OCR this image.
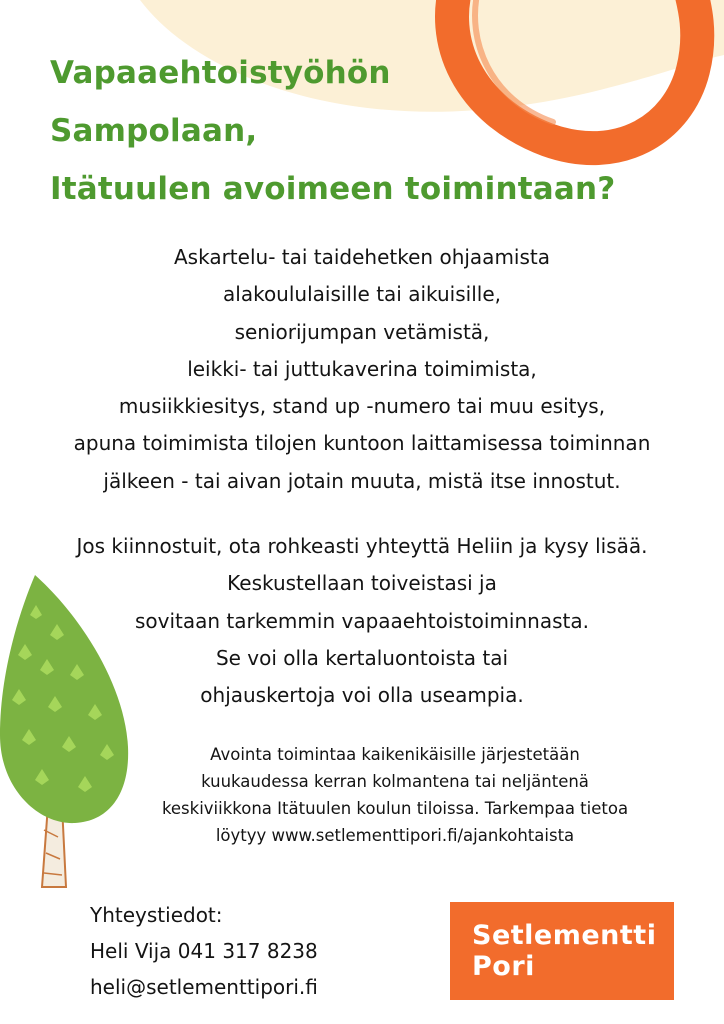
Vapaaehtoistyöhön
Sampolaan,
Itätuulen avoimeen toimintaan?
Askartelu- tai taidehetken ohjaamista
alakoululaisille tai aikuisille,
seniorijumpan vetämistä,
leikki- tai juttukaverina toimimista,
musiikkiesitys, stand up -numero tai muu esitys,
apuna toimimista tilojen kuntoon laittamisessa toiminnan
jälkeen - tai aivan jotain muuta, mistä itse innostut.
Jos kiinnostuit, ota rohkeasti yhteyttä Heliin ja kysy lisää.
Keskustellaan toiveistasi ja
sovitaan tarkemmin vapaaehtoistoiminnasta.
Se voi olla kertaluontoista tai
ohjauskertoja voi olla useampia.
Avointa toimintaa kaikenikäisille järjestetään
kuukaudessa kerran kolmantena tai neljäntenä
keskiviikkona Itätuulen koulun tiloissa. Tarkempaa tietoa
löytyy www.setlementtipori.fi/ajankohtaista
Yhteystiedot:
Heli Vija 041 317 8238
heli@setlementtipori.fi
Setlementti
Pori
